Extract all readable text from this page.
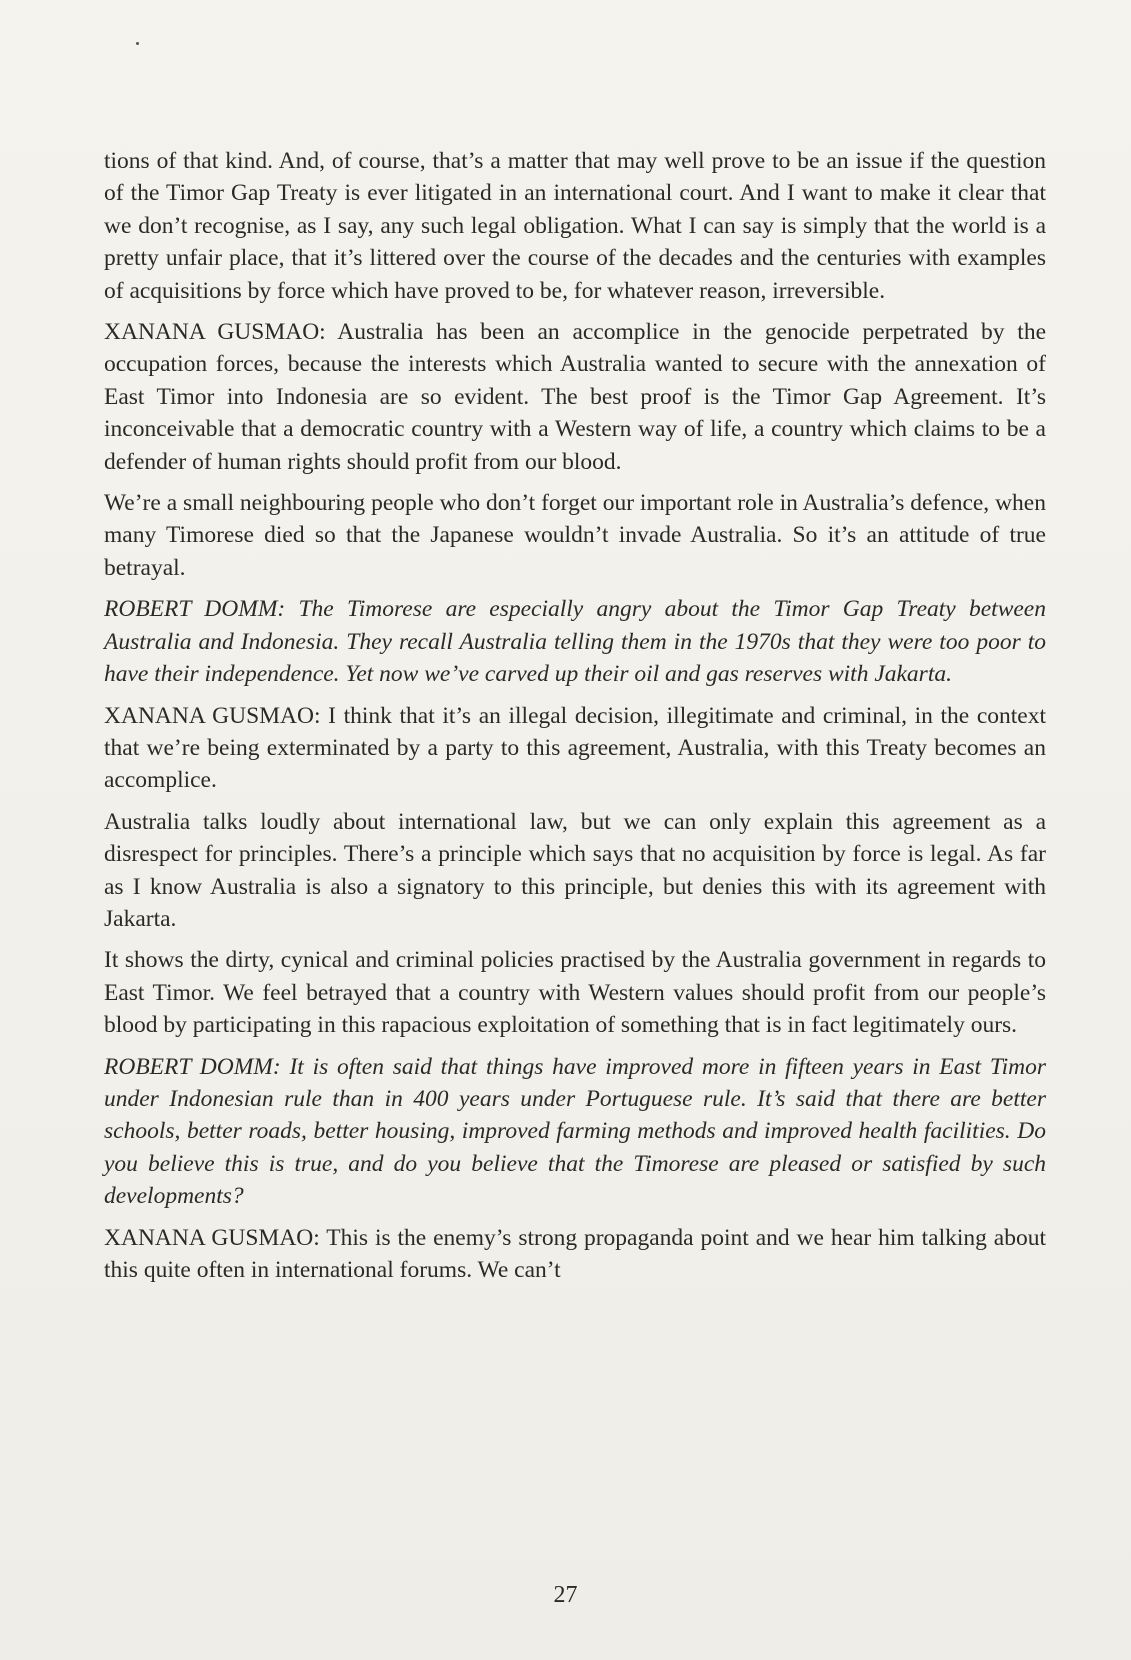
tions of that kind. And, of course, that’s a matter that may well prove to be an issue if the question of the Timor Gap Treaty is ever litigated in an international court. And I want to make it clear that we don’t recognise, as I say, any such legal obligation. What I can say is simply that the world is a pretty unfair place, that it’s littered over the course of the decades and the centuries with examples of acquisitions by force which have proved to be, for whatever reason, irreversible.

XANANA GUSMAO: Australia has been an accomplice in the genocide perpetrated by the occupation forces, because the interests which Australia wanted to secure with the annexation of East Timor into Indonesia are so evident. The best proof is the Timor Gap Agreement. It’s inconceivable that a democratic country with a Western way of life, a country which claims to be a defender of human rights should profit from our blood.

We’re a small neighbouring people who don’t forget our important role in Australia’s defence, when many Timorese died so that the Japanese wouldn’t invade Australia. So it’s an attitude of true betrayal.

ROBERT DOMM: The Timorese are especially angry about the Timor Gap Treaty between Australia and Indonesia. They recall Australia telling them in the 1970s that they were too poor to have their independence. Yet now we’ve carved up their oil and gas reserves with Jakarta.

XANANA GUSMAO: I think that it’s an illegal decision, illegitimate and criminal, in the context that we’re being exterminated by a party to this agreement, Australia, with this Treaty becomes an accomplice.

Australia talks loudly about international law, but we can only explain this agreement as a disrespect for principles. There’s a principle which says that no acquisition by force is legal. As far as I know Australia is also a signatory to this principle, but denies this with its agreement with Jakarta.

It shows the dirty, cynical and criminal policies practised by the Australia government in regards to East Timor. We feel betrayed that a country with Western values should profit from our people’s blood by participating in this rapacious exploitation of something that is in fact legitimately ours.

ROBERT DOMM: It is often said that things have improved more in fifteen years in East Timor under Indonesian rule than in 400 years under Portuguese rule. It’s said that there are better schools, better roads, better housing, improved farming methods and improved health facilities. Do you believe this is true, and do you believe that the Timorese are pleased or satisfied by such developments?

XANANA GUSMAO: This is the enemy’s strong propaganda point and we hear him talking about this quite often in international forums. We can’t

27
